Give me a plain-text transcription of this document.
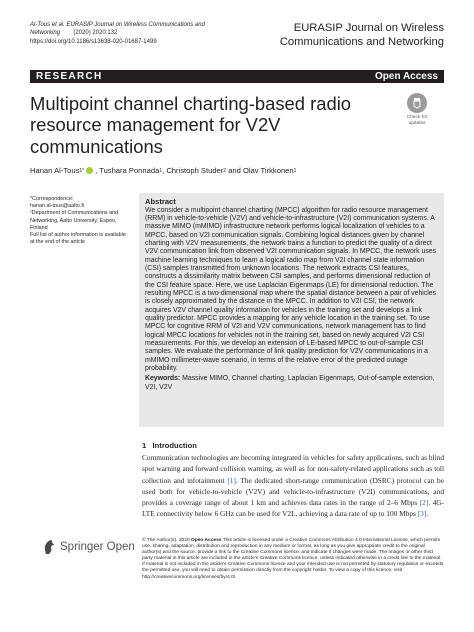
Al-Tous et al. EURASIP Journal on Wireless Communications and
Networking        (2020) 2020:132
https://doi.org/10.1186/s13638-020-01687-1499
EURASIP Journal on Wireless
Communications and Networking
RESEARCH	Open Access
Multipoint channel charting-based radio resource management for V2V communications
Check for
updates
Hanan Al-Tous 1* , Tushara Ponnada 1 , Christoph Studer 2 and Olav Tirkkonen 1
*Correspondence:
hanan.al-tous@aalto.fi
¹Department of Communications and Networking, Aalto University, Espoo, Finland
Full list of author information is available at the end of the article
Abstract

We consider a multipoint channel charting (MPCC) algorithm for radio resource management (RRM) in vehicle-to-vehicle (V2V) and vehicle-to-infrastructure (V2I) communication systems. A massive MIMO (mMIMO) infrastructure network performs logical localization of vehicles to a MPCC, based on V2I communication signals. Combining logical distances given by channel charting with V2V measurements, the network trains a function to predict the quality of a direct V2V communication link from observed V2I communication signals. In MPCC, the network uses machine learning techniques to learn a logical radio map from V2I channel state information (CSI) samples transmitted from unknown locations. The network extracts CSI features, constructs a dissimilarity matrix between CSI samples, and performs dimensional reduction of the CSI feature space. Here, we use Laplacian Eigenmaps (LE) for dimensional reduction. The resulting MPCC is a two-dimensional map where the spatial distance between a pair of vehicles is closely approximated by the distance in the MPCC. In addition to V2I CSI, the network acquires V2V channel quality information for vehicles in the training set and develops a link quality predictor. MPCC provides a mapping for any vehicle location in the training set. To use MPCC for cognitive RRM of V2I and V2V communications, network management has to find logical MPCC locations for vehicles not in the training set, based on newly acquired V2I CSI measurements. For this, we develop an extension of LE-based MPCC to out-of-sample CSI samples. We evaluate the performance of link quality prediction for V2V communications in a mMIMO millimeter-wave scenario, in terms of the relative error of the predicted outage probability.

Keywords: Massive MIMO, Channel charting, Laplacian Eigenmaps, Out-of-sample extension, V2I, V2V

1   Introduction

Communication technologies are becoming integrated in vehicles for safety applications, such as blind spot warning and forward collision warning, as well as for non-safety-related applications such as toll collection and infotainment [1]. The dedicated short-range communication (DSRC) protocol can be used both for vehicle-to-vehicle (V2V) and vehicle-to-infrastructure (V2I) communications, and provides a coverage range of about 1 km and achieves data rates in the range of 2–6 Mbps [2]. 4G-LTE connectivity below 6 GHz can be used for V2L, achieving a data rate of up to 100 Mbps [3].

Springer Open
© The Author(s). 2020 Open Access This article is licensed under a Creative Commons Attribution 4.0 International License, which permits use, sharing, adaptation, distribution and reproduction in any medium or format, as long as you give appropriate credit to the original author(s) and the source, provide a link to the Creative Commons licence, and indicate if changes were made. The images or other third party material in this article are included in the article's Creative Commons licence, unless indicated otherwise in a credit line to the material. If material is not included in the article's Creative Commons licence and your intended use is not permitted by statutory regulation or exceeds the permitted use, you will need to obtain permission directly from the copyright holder. To view a copy of this licence, visit http://creativecommons.org/licenses/by/4.0/.
